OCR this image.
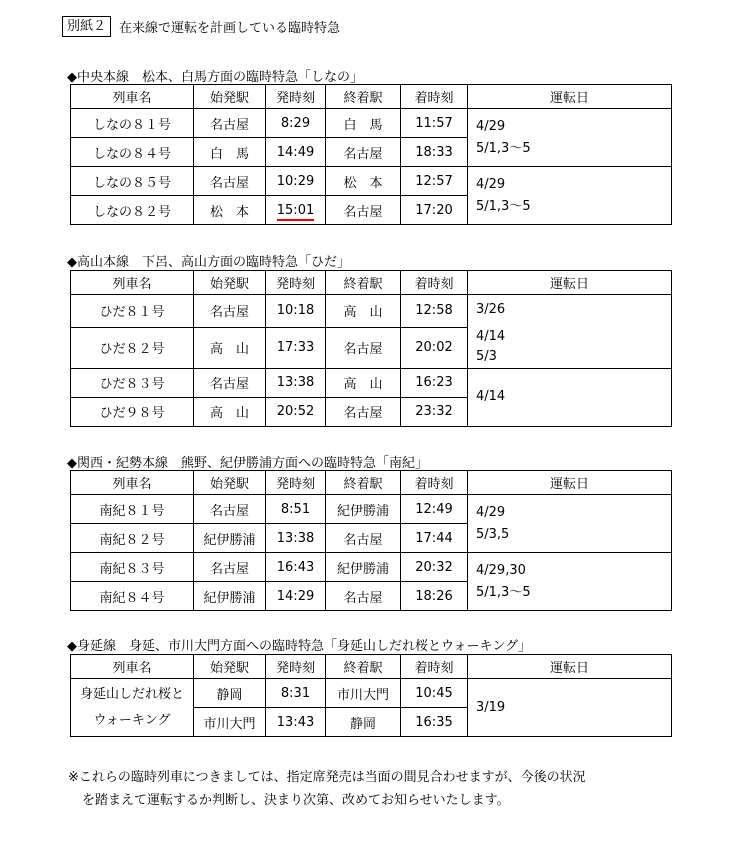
別紙２	在来線で運転を計画している臨時特急
◆中央本線　松本、白馬方面の臨時特急「しなの」
列車名	始発駅	発時刻	終着駅	着時刻	運転日
しなの８１号	名古屋	8:29	白　馬	11:57	4/29
5/1,3～5

しなの８４号	白　馬	14:49	名古屋	18:33	
しなの８５号	名古屋	10:29	松　本	12:57	4/29
5/1,3～5

しなの８２号	松　本	15:01	名古屋	17:20	
◆高山本線　下呂、高山方面の臨時特急「ひだ」
列車名	始発駅	発時刻	終着駅	着時刻	運転日
ひだ８１号	名古屋	10:18	高　山	12:58	3/26

ひだ８２号	高　山	17:33	名古屋	20:02	4/14
5/3

ひだ８３号	名古屋	13:38	高　山	16:23	4/14

ひだ９８号	高　山	20:52	名古屋	23:32	
◆関西・紀勢本線　熊野、紀伊勝浦方面への臨時特急「南紀」
列車名	始発駅	発時刻	終着駅	着時刻	運転日
南紀８１号	名古屋	8:51	紀伊勝浦	12:49	4/29
5/3,5

南紀８２号	紀伊勝浦	13:38	名古屋	17:44	
南紀８３号	名古屋	16:43	紀伊勝浦	20:32	4/29,30
5/1,3～5

南紀８４号	紀伊勝浦	14:29	名古屋	18:26	
◆身延線　身延、市川大門方面への臨時特急「身延山しだれ桜とウォーキング」
列車名	始発駅	発時刻	終着駅	着時刻	運転日

身延山しだれ桜と
ウォーキング	静岡	8:31	市川大門	10:45	3/19

	市川大門	13:43	静岡	16:35	
※これらの臨時列車につきましては、指定席発売は当面の間見合わせますが、今後の状況
を踏まえて運転するか判断し、決まり次第、改めてお知らせいたします。
